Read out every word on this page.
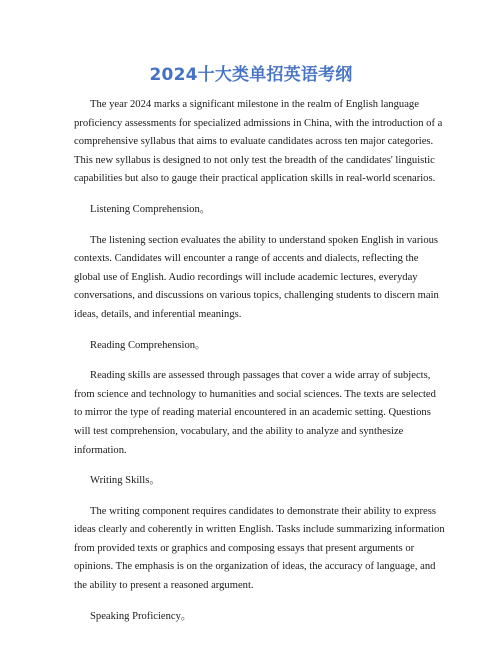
2024十大类单招英语考纲

The year 2024 marks a significant milestone in the realm of English language proficiency assessments for specialized admissions in China, with the introduction of a comprehensive syllabus that aims to evaluate candidates across ten major categories. This new syllabus is designed to not only test the breadth of the candidates' linguistic capabilities but also to gauge their practical application skills in real-world scenarios.

Listening Comprehension。

The listening section evaluates the ability to understand spoken English in various contexts. Candidates will encounter a range of accents and dialects, reflecting the global use of English. Audio recordings will include academic lectures, everyday conversations, and discussions on various topics, challenging students to discern main ideas, details, and inferential meanings.

Reading Comprehension。

Reading skills are assessed through passages that cover a wide array of subjects, from science and technology to humanities and social sciences. The texts are selected to mirror the type of reading material encountered in an academic setting. Questions will test comprehension, vocabulary, and the ability to analyze and synthesize information.

Writing Skills。

The writing component requires candidates to demonstrate their ability to express ideas clearly and coherently in written English. Tasks include summarizing information from provided texts or graphics and composing essays that present arguments or opinions. The emphasis is on the organization of ideas, the accuracy of language, and the ability to present a reasoned argument.

Speaking Proficiency。
